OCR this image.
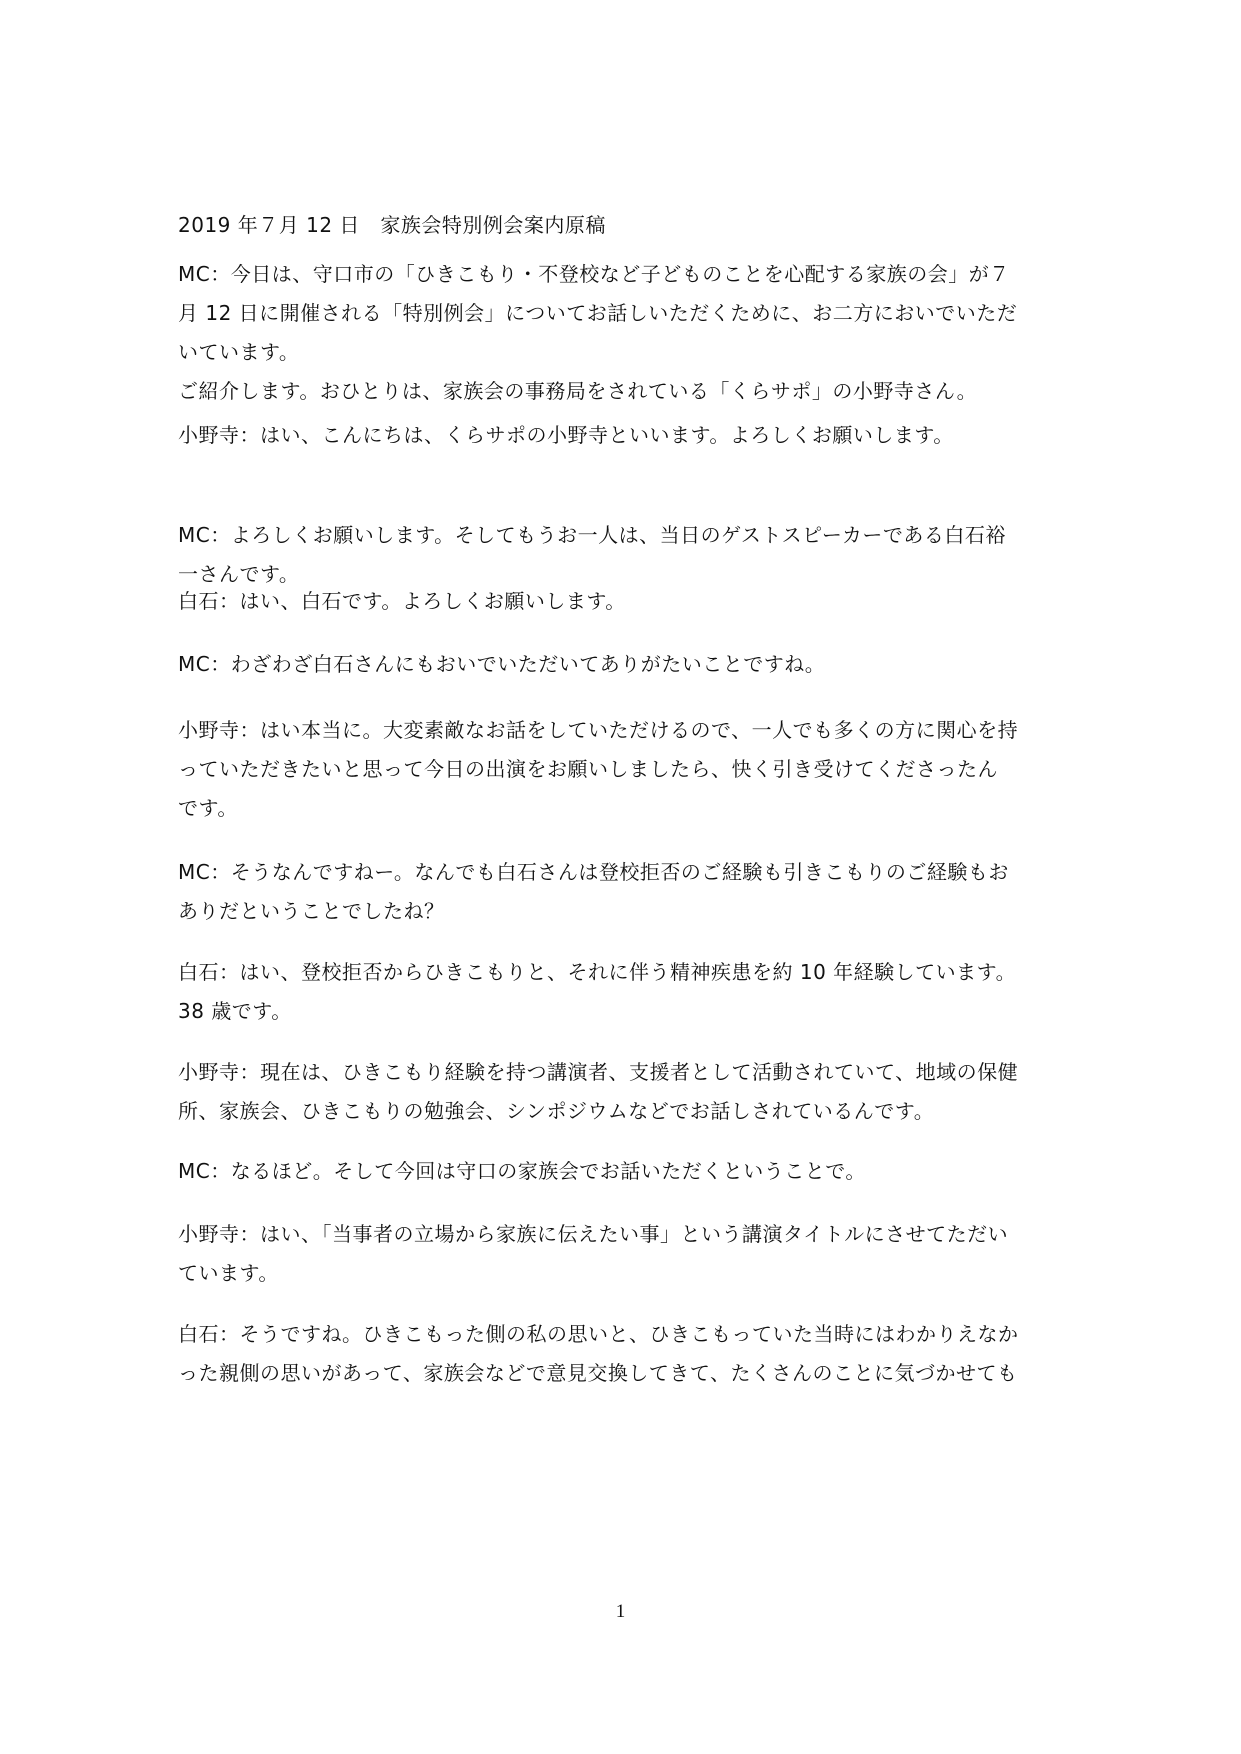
2019 年７月 12 日　家族会特別例会案内原稿
MC：今日は、守口市の「ひきこもり・不登校など子どものことを心配する家族の会」が７
月 12 日に開催される「特別例会」についてお話しいただくために、お二方においでいただ
いています。
ご紹介します。おひとりは、家族会の事務局をされている「くらサポ」の小野寺さん。
小野寺：はい、こんにちは、くらサポの小野寺といいます。よろしくお願いします。
MC：よろしくお願いします。そしてもうお一人は、当日のゲストスピーカーである白石裕
一さんです。
白石：はい、白石です。よろしくお願いします。
MC：わざわざ白石さんにもおいでいただいてありがたいことですね。
小野寺：はい本当に。大変素敵なお話をしていただけるので、一人でも多くの方に関心を持
っていただきたいと思って今日の出演をお願いしましたら、快く引き受けてくださったん
です。
MC：そうなんですねー。なんでも白石さんは登校拒否のご経験も引きこもりのご経験もお
ありだということでしたね？
白石：はい、登校拒否からひきこもりと、それに伴う精神疾患を約 10 年経験しています。
38 歳です。
小野寺：現在は、ひきこもり経験を持つ講演者、支援者として活動されていて、地域の保健
所、家族会、ひきこもりの勉強会、シンポジウムなどでお話しされているんです。
MC：なるほど。そして今回は守口の家族会でお話いただくということで。
小野寺：はい、「当事者の立場から家族に伝えたい事」という講演タイトルにさせてただい
ています。
白石：そうですね。ひきこもった側の私の思いと、ひきこもっていた当時にはわかりえなか
った親側の思いがあって、家族会などで意見交換してきて、たくさんのことに気づかせても
1
